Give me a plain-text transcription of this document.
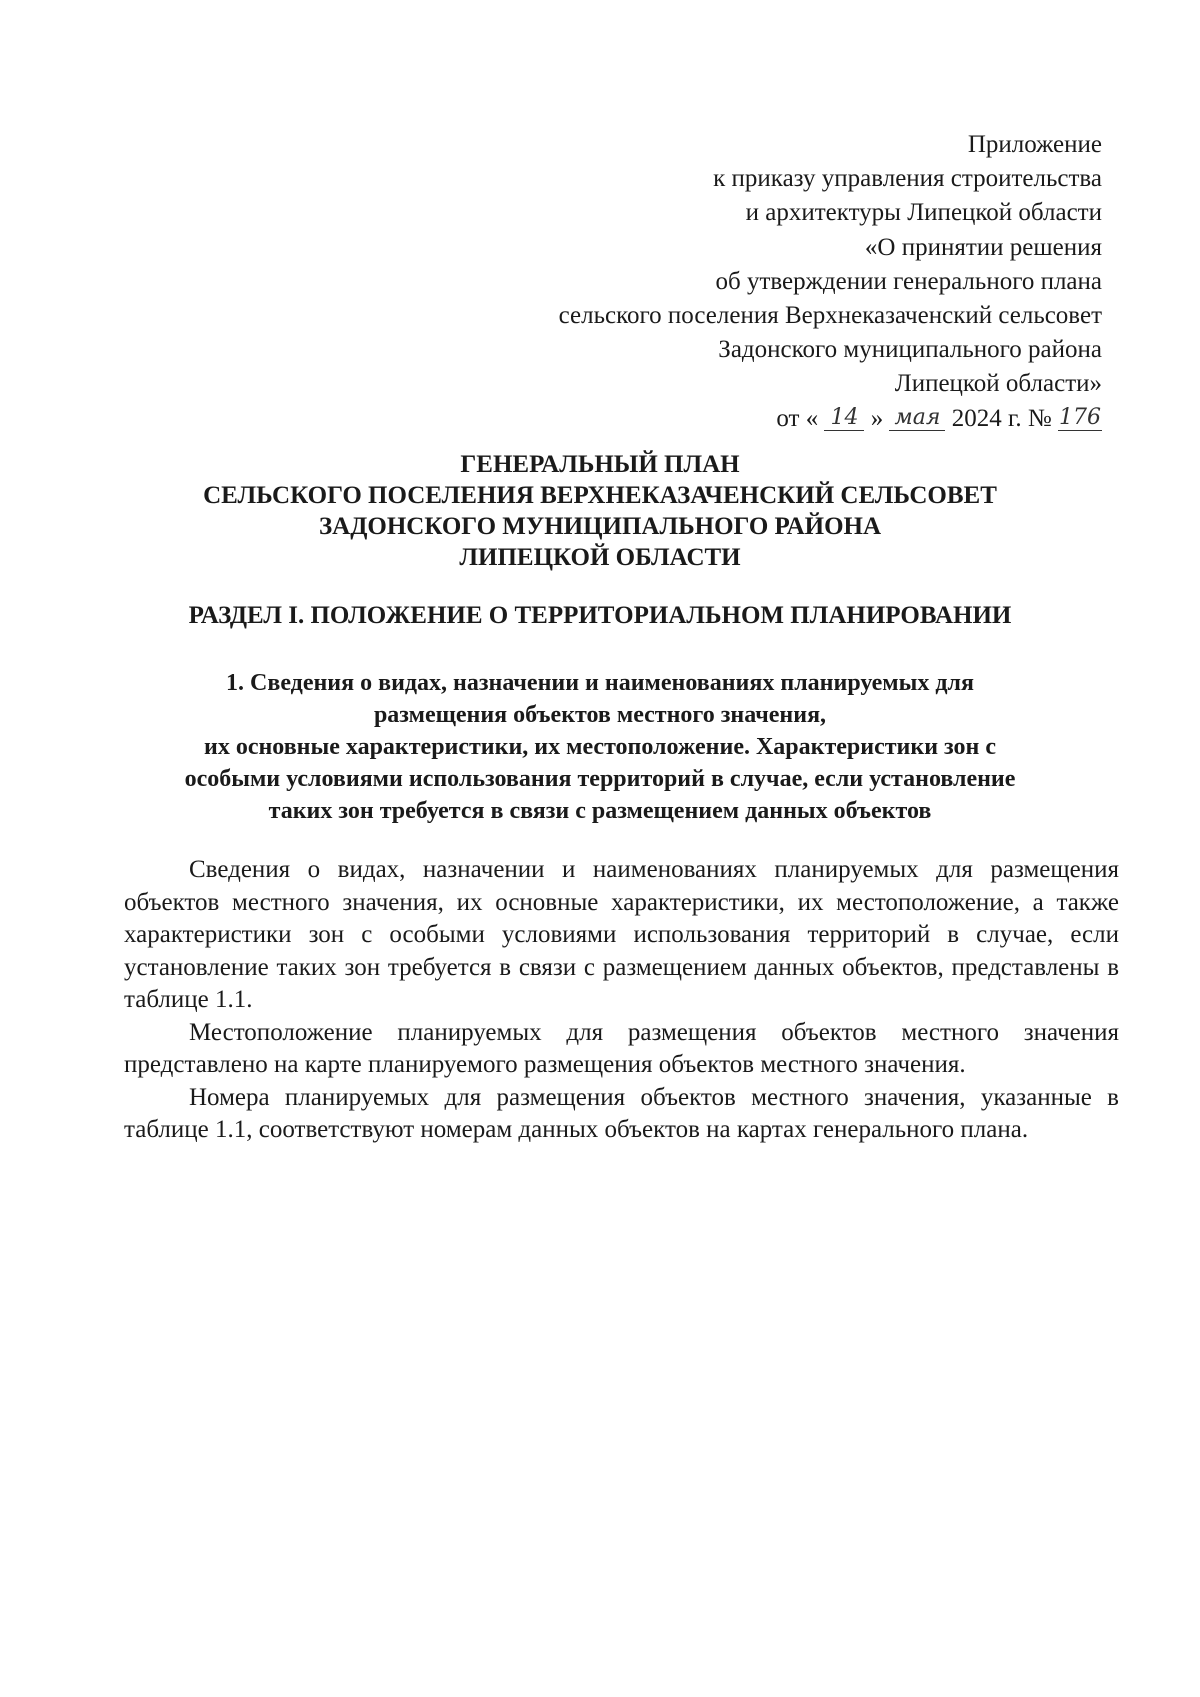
Приложение
к приказу управления строительства
и архитектуры Липецкой области
«О принятии решения
об утверждении генерального плана
сельского поселения Верхнеказаченский сельсовет
Задонского муниципального района
Липецкой области»
от « 14 » мая 2024 г. № 176
ГЕНЕРАЛЬНЫЙ ПЛАН
СЕЛЬСКОГО ПОСЕЛЕНИЯ ВЕРХНЕКАЗАЧЕНСКИЙ СЕЛЬСОВЕТ
ЗАДОНСКОГО МУНИЦИПАЛЬНОГО РАЙОНА
ЛИПЕЦКОЙ ОБЛАСТИ
РАЗДЕЛ I. ПОЛОЖЕНИЕ О ТЕРРИТОРИАЛЬНОМ ПЛАНИРОВАНИИ
1. Сведения о видах, назначении и наименованиях планируемых для
размещения объектов местного значения,
их основные характеристики, их местоположение. Характеристики зон с
особыми условиями использования территорий в случае, если установление
таких зон требуется в связи с размещением данных объектов

Сведения о видах, назначении и наименованиях планируемых для размещения объектов местного значения, их основные характеристики, их местоположение, а также характеристики зон с особыми условиями использования территорий в случае, если установление таких зон требуется в связи с размещением данных объектов, представлены в таблице 1.1.

Местоположение планируемых для размещения объектов местного значения представлено на карте планируемого размещения объектов местного значения.

Номера планируемых для размещения объектов местного значения, указанные в таблице 1.1, соответствуют номерам данных объектов на картах генерального плана.
